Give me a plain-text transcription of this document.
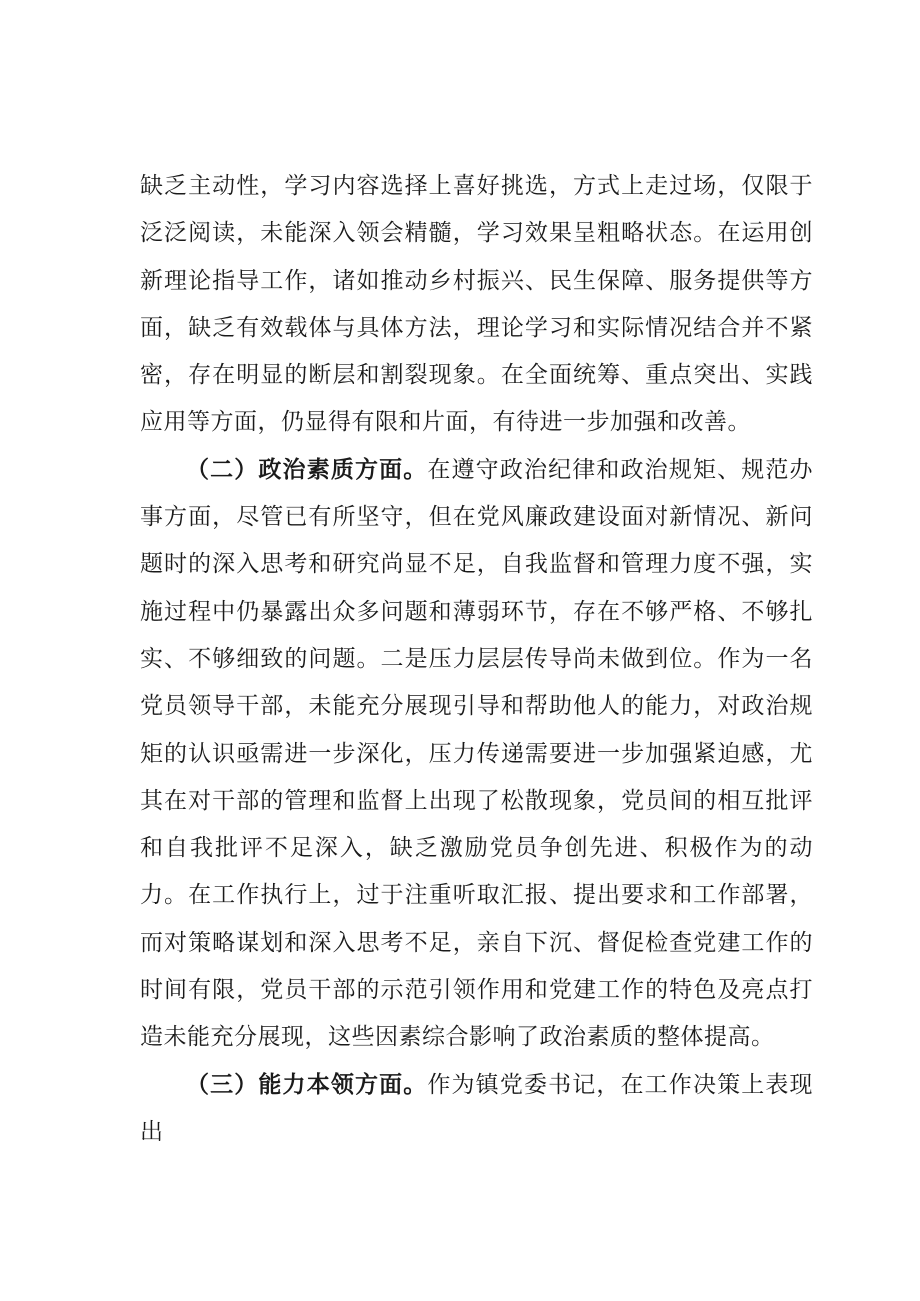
缺乏主动性，学习内容选择上喜好挑选，方式上走过场，仅限于泛泛阅读，未能深入领会精髓，学习效果呈粗略状态。在运用创新理论指导工作，诸如推动乡村振兴、民生保障、服务提供等方面，缺乏有效载体与具体方法，理论学习和实际情况结合并不紧密，存在明显的断层和割裂现象。在全面统筹、重点突出、实践应用等方面，仍显得有限和片面，有待进一步加强和改善。

（二）政治素质方面。在遵守政治纪律和政治规矩、规范办事方面，尽管已有所坚守，但在党风廉政建设面对新情况、新问题时的深入思考和研究尚显不足，自我监督和管理力度不强，实施过程中仍暴露出众多问题和薄弱环节，存在不够严格、不够扎实、不够细致的问题。二是压力层层传导尚未做到位。作为一名党员领导干部，未能充分展现引导和帮助他人的能力，对政治规矩的认识亟需进一步深化，压力传递需要进一步加强紧迫感，尤其在对干部的管理和监督上出现了松散现象，党员间的相互批评和自我批评不足深入，缺乏激励党员争创先进、积极作为的动力。在工作执行上，过于注重听取汇报、提出要求和工作部署，而对策略谋划和深入思考不足，亲自下沉、督促检查党建工作的时间有限，党员干部的示范引领作用和党建工作的特色及亮点打造未能充分展现，这些因素综合影响了政治素质的整体提高。

（三）能力本领方面。作为镇党委书记，在工作决策上表现出
